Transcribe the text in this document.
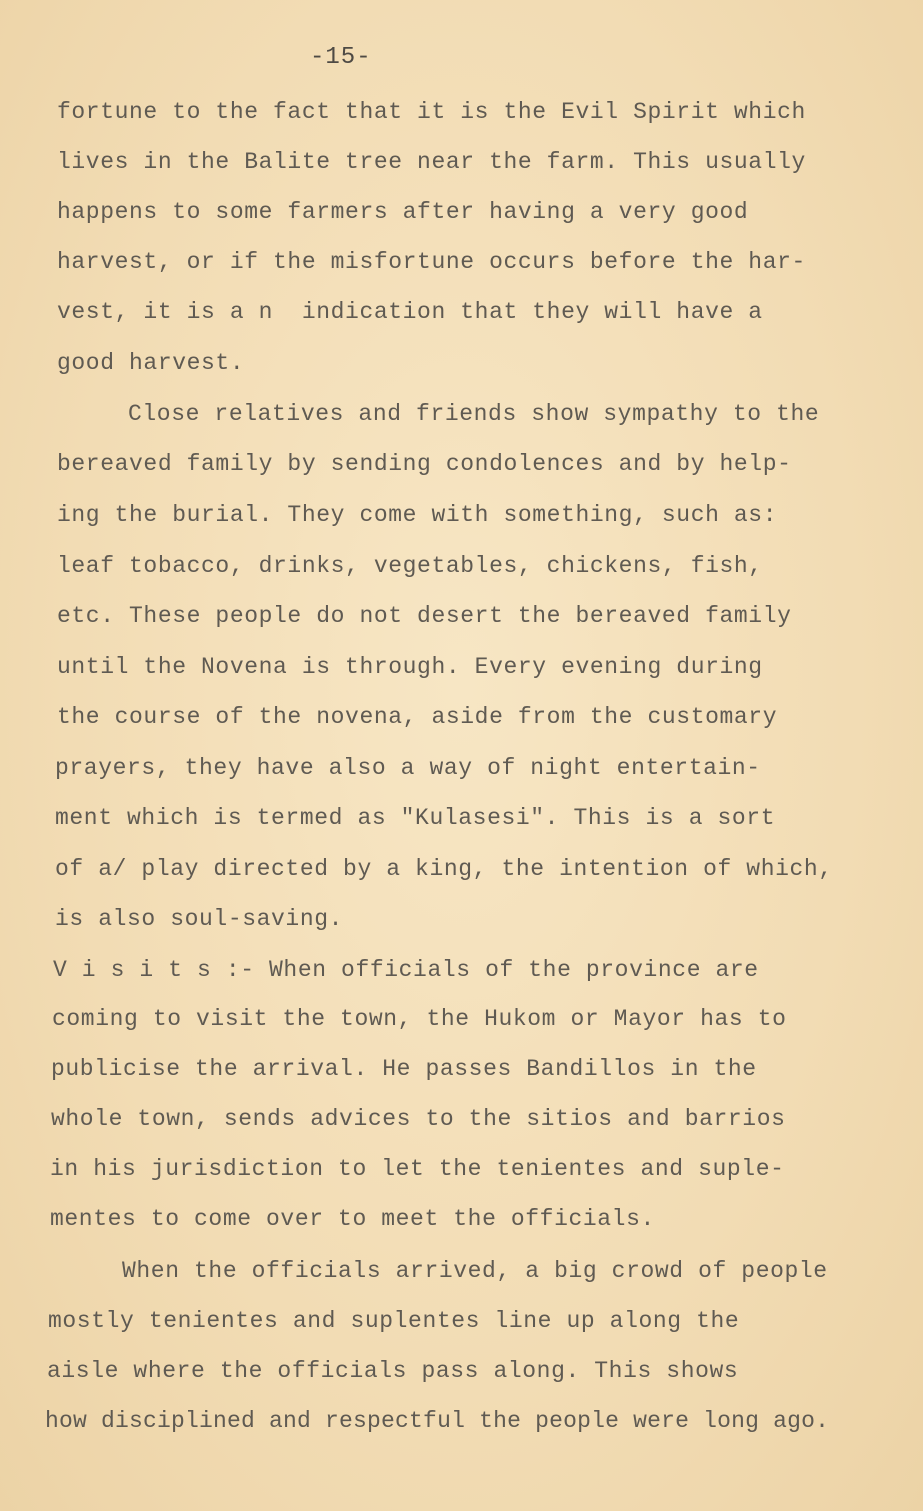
-15-
fortune to the fact that it is the Evil Spirit which
lives in the Balite tree near the farm. This usually
happens to some farmers after having a very good
harvest, or if the misfortune occurs before the har-
vest, it is a n  indication that they will have a
good harvest.
Close relatives and friends show sympathy to the
bereaved family by sending condolences and by help-
ing the burial. They come with something, such as:
leaf tobacco, drinks, vegetables, chickens, fish,
etc. These people do not desert the bereaved family
until the Novena is through. Every evening during
the course of the novena, aside from the customary
prayers, they have also a way of night entertain-
ment which is termed as "Kulasesi". This is a sort
of a/ play directed by a king, the intention of which,
is also soul-saving.
V i s i t s :- When officials of the province are
coming to visit the town, the Hukom or Mayor has to
publicise the arrival. He passes Bandillos in the
whole town, sends advices to the sitios and barrios
in his jurisdiction to let the tenientes and suple-
mentes to come over to meet the officials.
When the officials arrived, a big crowd of people
mostly tenientes and suplentes line up along the
aisle where the officials pass along. This shows
how disciplined and respectful the people were long ago.
